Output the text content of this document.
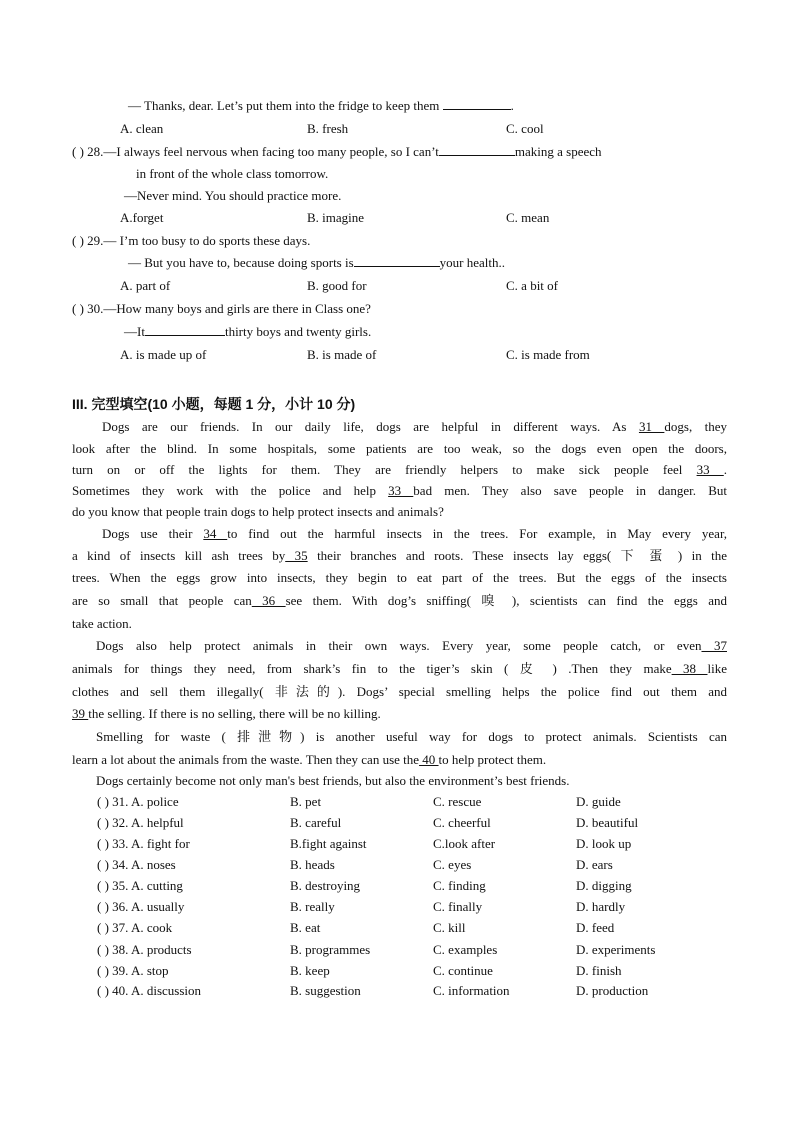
— Thanks, dear. Let’s put them into the fridge to keep them	.
A. clean	B. fresh	C. cool
( ) 28.—I always feel nervous when facing too many people, so I can’t	making a speech
in front of the whole class tomorrow.
—Never mind. You should practice more.
A.forget	B. imagine	C. mean
( ) 29.— I’m too busy to do sports these days.
— But you have to, because doing sports is	your health..
A. part of	B. good for	C. a bit of
( ) 30.—How many boys and girls are there in Class one?
—It	thirty boys and twenty girls.
A. is made up of	B. is made of	C. is made from
III. 完型填空(10 小题，每题 1 分，小计 10 分)
Dogs are our friends. In our daily life, dogs are helpful in different ways. As 31 dogs, they
look after the blind. In some hospitals, some patients are too weak, so the dogs even open the doors,
turn on or off the lights for them. They are friendly helpers to make sick people feel 33 .
Sometimes they work with the police and help 33 bad men. They also save people in danger. But
do you know that people train dogs to help protect insects and animals?
Dogs use their 34 to find out the harmful insects in the trees. For example, in May every year,
a kind of insects kill ash trees by 35 their branches and roots. These insects lay eggs( 下 蛋 ) in the
trees. When the eggs grow into insects, they begin to eat part of the trees. But the eggs of the insects
are so small that people can 36 see them. With dog’s sniffing( 嗅 ), scientists can find the eggs and
take action.
Dogs also help protect animals in their own ways. Every year, some people catch, or even 37
animals for things they need, from shark’s fin to the tiger’s skin ( 皮 ) .Then they make 38 like
clothes and sell them illegally( 非法的). Dogs’ special smelling helps the police find out them and
39 the selling. If there is no selling, there will be no killing.
Smelling for waste ( 排泄物) is another useful way for dogs to protect animals. Scientists can
learn a lot about the animals from the waste. Then they can use the 40 to help protect them.
Dogs certainly become not only man's best friends, but also the environment’s best friends.
( ) 31. A. police	B. pet	C. rescue	D. guide
( ) 32. A. helpful	B. careful	C. cheerful	D. beautiful
( ) 33. A. fight for	B.fight against	C.look after	D. look up
( ) 34. A. noses	B. heads	C. eyes	D. ears
( ) 35. A. cutting	B. destroying	C. finding	D. digging
( ) 36. A. usually	B. really	C. finally	D. hardly
( ) 37. A. cook	B. eat	C. kill	D. feed
( ) 38. A. products	B. programmes	C. examples	D. experiments
( ) 39. A. stop	B. keep	C. continue	D. finish
( ) 40. A. discussion	B. suggestion	C. information	D. production
